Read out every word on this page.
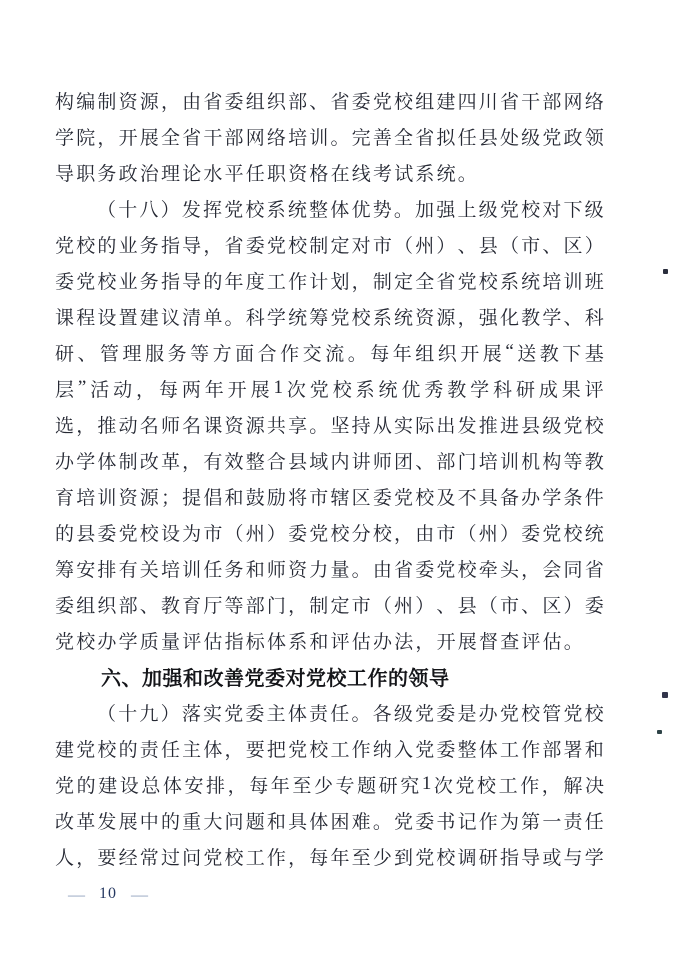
构 编 制 资 源 ， 由 省 委 组 织 部 、 省 委 党 校 组 建 四 川 省 干 部 网 络
学 院 ， 开 展 全 省 干 部 网 络 培 训 。 完 善 全 省 拟 任 县 处 级 党 政 领
导职务政治理论水平任职资格在线考试系统。
（ 十 八 ） 发 挥 党 校 系 统 整 体 优 势 。 加 强 上 级 党 校 对 下 级
党 校 的 业 务 指 导 ， 省 委 党 校 制 定 对 市 （ 州 ） 、 县 （ 市 、 区 ）
委 党 校 业 务 指 导 的 年 度 工 作 计 划 ， 制 定 全 省 党 校 系 统 培 训 班
课 程 设 置 建 议 清 单 。 科 学 统 筹 党 校 系 统 资 源 ， 强 化 教 学 、 科
研 、 管 理 服 务 等 方 面 合 作 交 流 。 每 年 组 织 开 展 “ 送 教 下 基
层 ” 活 动 ， 每 两 年 开 展 1 次 党 校 系 统 优 秀 教 学 科 研 成 果 评
选 ， 推 动 名 师 名 课 资 源 共 享 。 坚 持 从 实 际 出 发 推 进 县 级 党 校
办 学 体 制 改 革 ， 有 效 整 合 县 域 内 讲 师 团 、 部 门 培 训 机 构 等 教
育 培 训 资 源 ； 提 倡 和 鼓 励 将 市 辖 区 委 党 校 及 不 具 备 办 学 条 件
的 县 委 党 校 设 为 市 （ 州 ） 委 党 校 分 校 ， 由 市 （ 州 ） 委 党 校 统
筹 安 排 有 关 培 训 任 务 和 师 资 力 量 。 由 省 委 党 校 牵 头 ， 会 同 省
委 组 织 部 、 教 育 厅 等 部 门 ， 制 定 市 （ 州 ） 、 县 （ 市 、 区 ） 委
党校办学质量评估指标体系和评估办法，开展督查评估。
六、加强和改善党委对党校工作的领导
（ 十 九 ） 落 实 党 委 主 体 责 任 。 各 级 党 委 是 办 党 校 管 党 校
建 党 校 的 责 任 主 体 ， 要 把 党 校 工 作 纳 入 党 委 整 体 工 作 部 署 和
党 的 建 设 总 体 安 排 ， 每 年 至 少 专 题 研 究 1 次 党 校 工 作 ， 解 决
改 革 发 展 中 的 重 大 问 题 和 具 体 困 难 。 党 委 书 记 作 为 第 一 责 任
人 ， 要 经 常 过 问 党 校 工 作 ， 每 年 至 少 到 党 校 调 研 指 导 或 与 学
— 10 —
